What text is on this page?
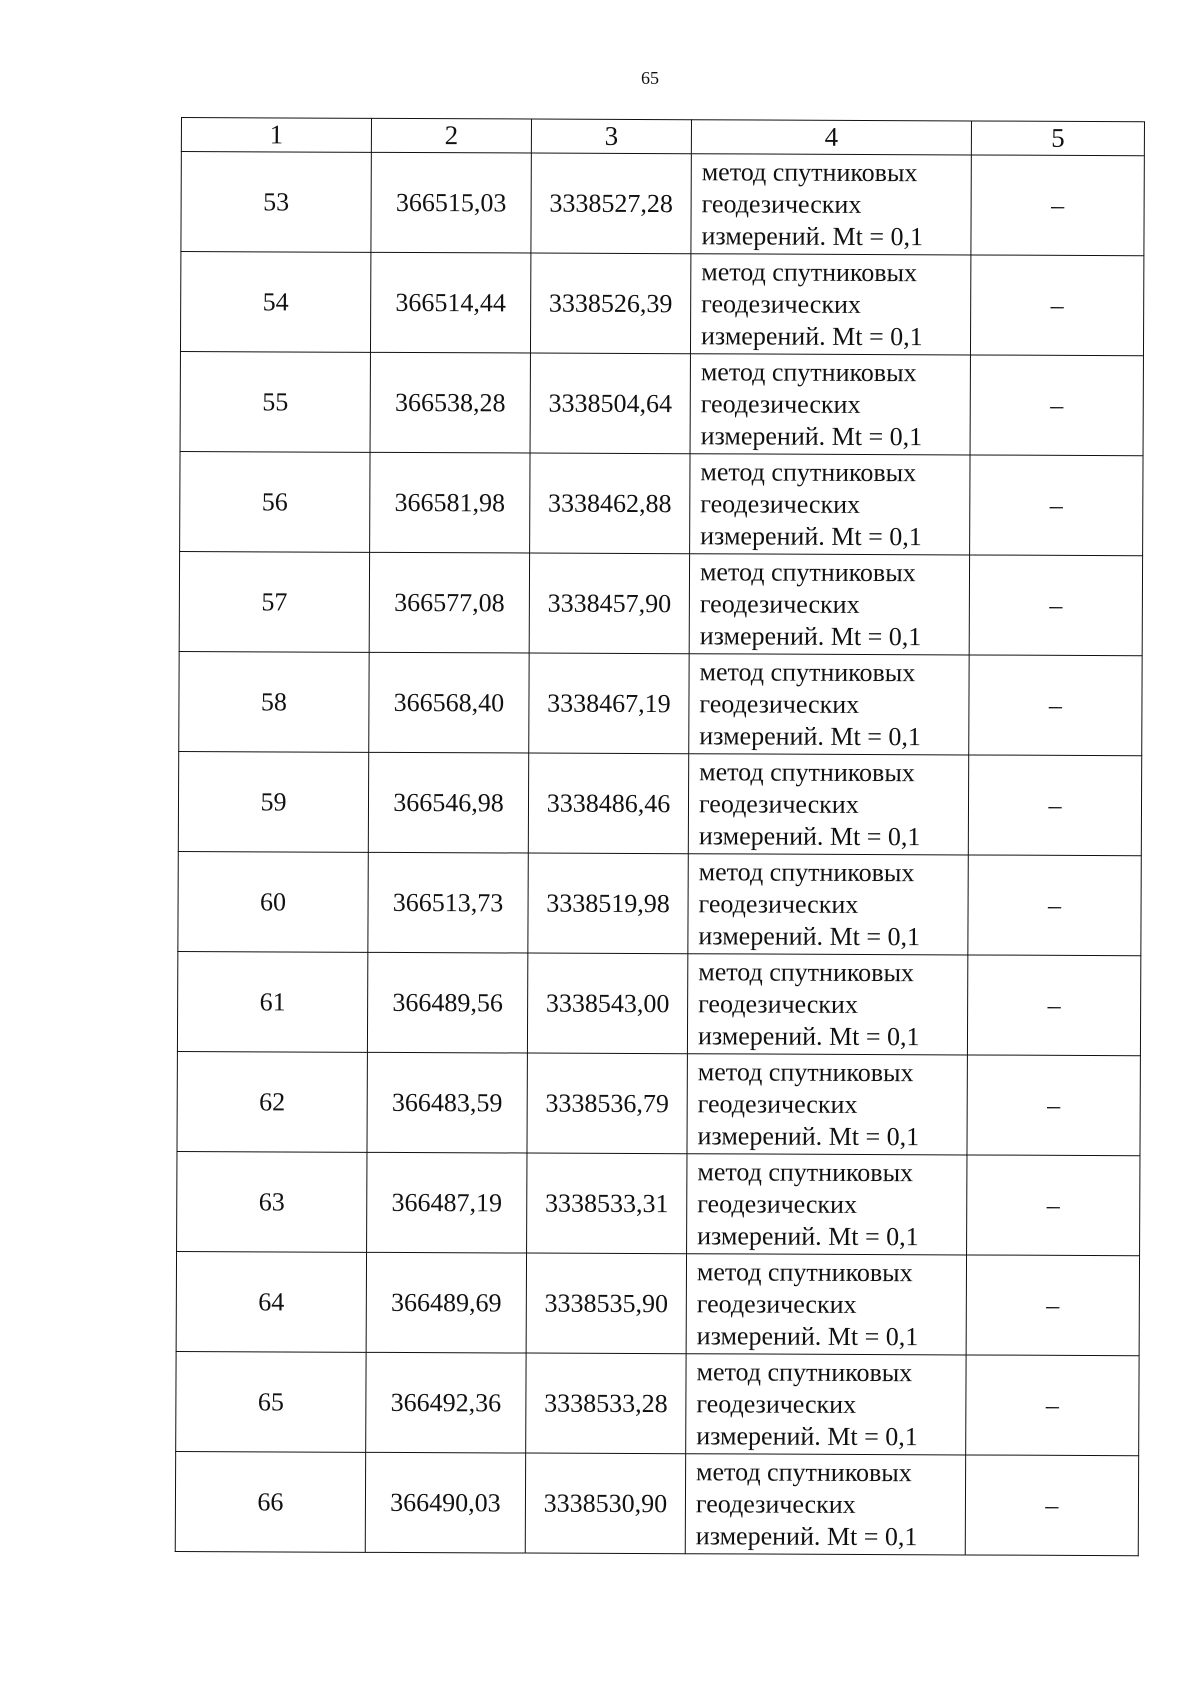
65
1	2	3	4	5
53	366515,03	3338527,28	метод спутниковых
геодезических
измерений. Mt = 0,1	–
54	366514,44	3338526,39	метод спутниковых
геодезических
измерений. Mt = 0,1	–
55	366538,28	3338504,64	метод спутниковых
геодезических
измерений. Mt = 0,1	–
56	366581,98	3338462,88	метод спутниковых
геодезических
измерений. Mt = 0,1	–
57	366577,08	3338457,90	метод спутниковых
геодезических
измерений. Mt = 0,1	–
58	366568,40	3338467,19	метод спутниковых
геодезических
измерений. Mt = 0,1	–
59	366546,98	3338486,46	метод спутниковых
геодезических
измерений. Mt = 0,1	–
60	366513,73	3338519,98	метод спутниковых
геодезических
измерений. Mt = 0,1	–
61	366489,56	3338543,00	метод спутниковых
геодезических
измерений. Mt = 0,1	–
62	366483,59	3338536,79	метод спутниковых
геодезических
измерений. Mt = 0,1	–
63	366487,19	3338533,31	метод спутниковых
геодезических
измерений. Mt = 0,1	–
64	366489,69	3338535,90	метод спутниковых
геодезических
измерений. Mt = 0,1	–
65	366492,36	3338533,28	метод спутниковых
геодезических
измерений. Mt = 0,1	–
66	366490,03	3338530,90	метод спутниковых
геодезических
измерений. Mt = 0,1	–
